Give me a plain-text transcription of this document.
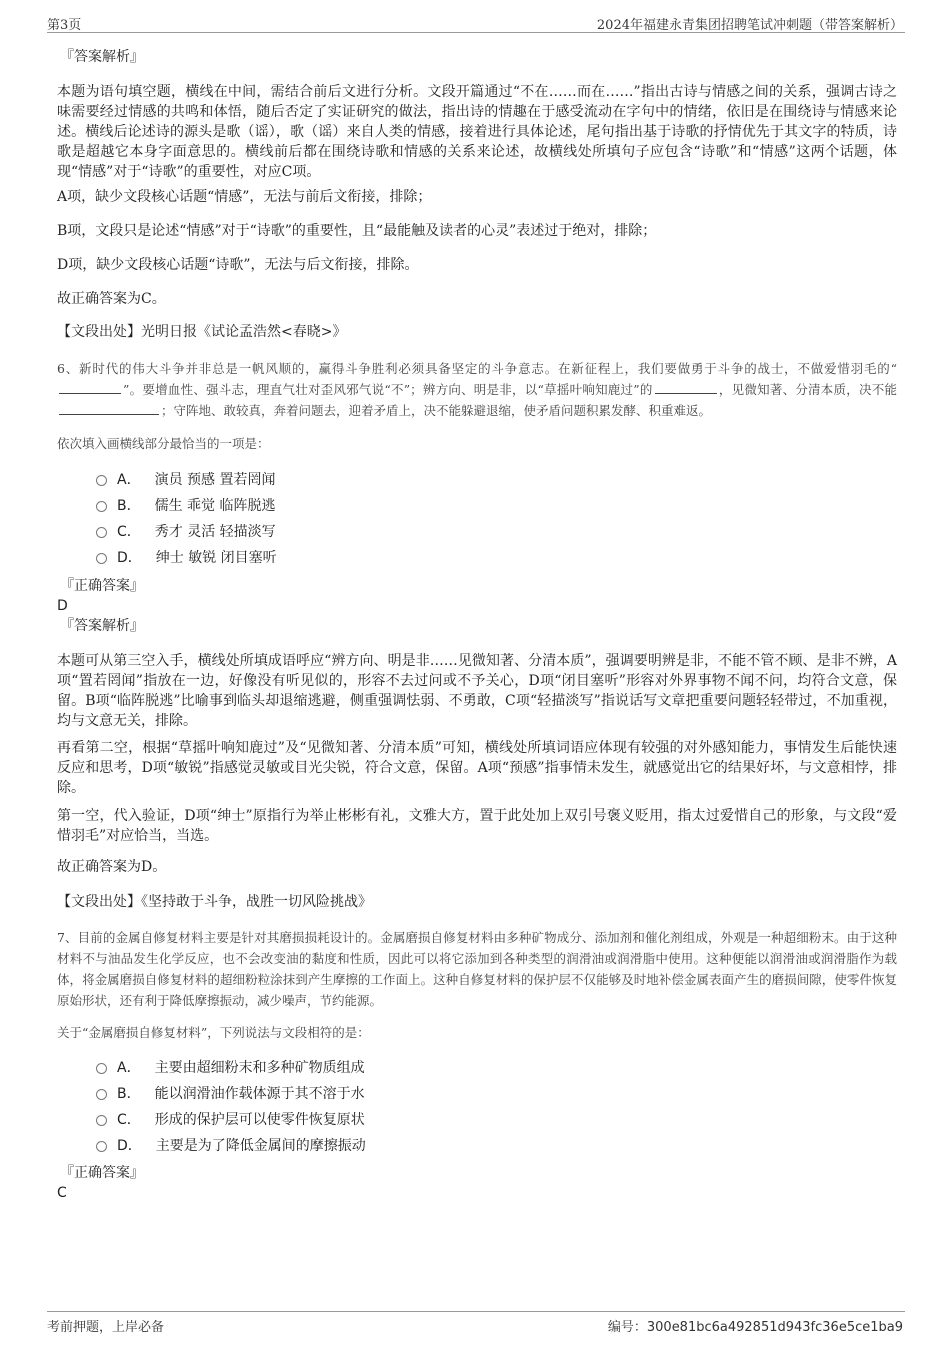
第3页	2024年福建永青集团招聘笔试冲刺题（带答案解析）
『答案解析』

本题为语句填空题，横线在中间，需结合前后文进行分析。文段开篇通过“不在……而在……”指出古诗与情感之间的关系，强调古诗之味需要经过情感的共鸣和体悟，随后否定了实证研究的做法，指出诗的情趣在于感受流动在字句中的情绪，依旧是在围绕诗与情感来论述。横线后论述诗的源头是歌（谣），歌（谣）来自人类的情感，接着进行具体论述，尾句指出基于诗歌的抒情优先于其文字的特质，诗歌是超越它本身字面意思的。横线前后都在围绕诗歌和情感的关系来论述，故横线处所填句子应包含“诗歌”和“情感”这两个话题，体现“情感”对于“诗歌”的重要性，对应C项。

A项，缺少文段核心话题“情感”，无法与前后文衔接，排除；

B项，文段只是论述“情感”对于“诗歌”的重要性，且“最能触及读者的心灵”表述过于绝对，排除；

D项，缺少文段核心话题“诗歌”，无法与后文衔接，排除。

故正确答案为C。

【文段出处】光明日报《试论孟浩然<春晓>》

6、新时代的伟大斗争并非总是一帆风顺的，赢得斗争胜利必须具备坚定的斗争意志。在新征程上，我们要做勇于斗争的战士，不做爱惜羽毛的“”。要增血性、强斗志，理直气壮对歪风邪气说“不”；辨方向、明是非，以“草摇叶响知鹿过”的	，见微知著、分清本质，决不能；守阵地、敢较真，奔着问题去，迎着矛盾上，决不能躲避退缩，使矛盾问题积累发酵、积重难返。

依次填入画横线部分最恰当的一项是：
A． 演员 预感 置若罔闻
B． 儒生 乖觉 临阵脱逃
C． 秀才 灵活 轻描淡写
D． 绅士 敏锐 闭目塞听
『正确答案』
D
『答案解析』

本题可从第三空入手，横线处所填成语呼应“辨方向、明是非……见微知著、分清本质”，强调要明辨是非，不能不管不顾、是非不辨，A项“置若罔闻”指放在一边，好像没有听见似的，形容不去过问或不予关心，D项“闭目塞听”形容对外界事物不闻不问，均符合文意，保留。B项“临阵脱逃”比喻事到临头却退缩逃避，侧重强调怯弱、不勇敢，C项“轻描淡写”指说话写文章把重要问题轻轻带过，不加重视，均与文意无关，排除。

再看第二空，根据“草摇叶响知鹿过”及“见微知著、分清本质”可知，横线处所填词语应体现有较强的对外感知能力，事情发生后能快速反应和思考，D项“敏锐”指感觉灵敏或目光尖锐，符合文意，保留。A项“预感”指事情未发生，就感觉出它的结果好坏，与文意相悖，排除。

第一空，代入验证，D项“绅士”原指行为举止彬彬有礼，文雅大方，置于此处加上双引号褒义贬用，指太过爱惜自己的形象，与文段“爱惜羽毛”对应恰当，当选。

故正确答案为D。

【文段出处】《坚持敢于斗争，战胜一切风险挑战》

7、目前的金属自修复材料主要是针对其磨损损耗设计的。金属磨损自修复材料由多种矿物成分、添加剂和催化剂组成，外观是一种超细粉末。由于这种材料不与油品发生化学反应，也不会改变油的黏度和性质，因此可以将它添加到各种类型的润滑油或润滑脂中使用。这种便能以润滑油或润滑脂作为载体，将金属磨损自修复材料的超细粉粒涂抹到产生摩擦的工作面上。这种自修复材料的保护层不仅能够及时地补偿金属表面产生的磨损间隙，使零件恢复原始形状，还有利于降低摩擦振动，减少噪声，节约能源。

关于“金属磨损自修复材料”，下列说法与文段相符的是：
A． 主要由超细粉末和多种矿物质组成
B． 能以润滑油作载体源于其不溶于水
C． 形成的保护层可以使零件恢复原状
D． 主要是为了降低金属间的摩擦振动
『正确答案』
C
考前押题，上岸必备	编号：300e81bc6a492851d943fc36e5ce1ba9
